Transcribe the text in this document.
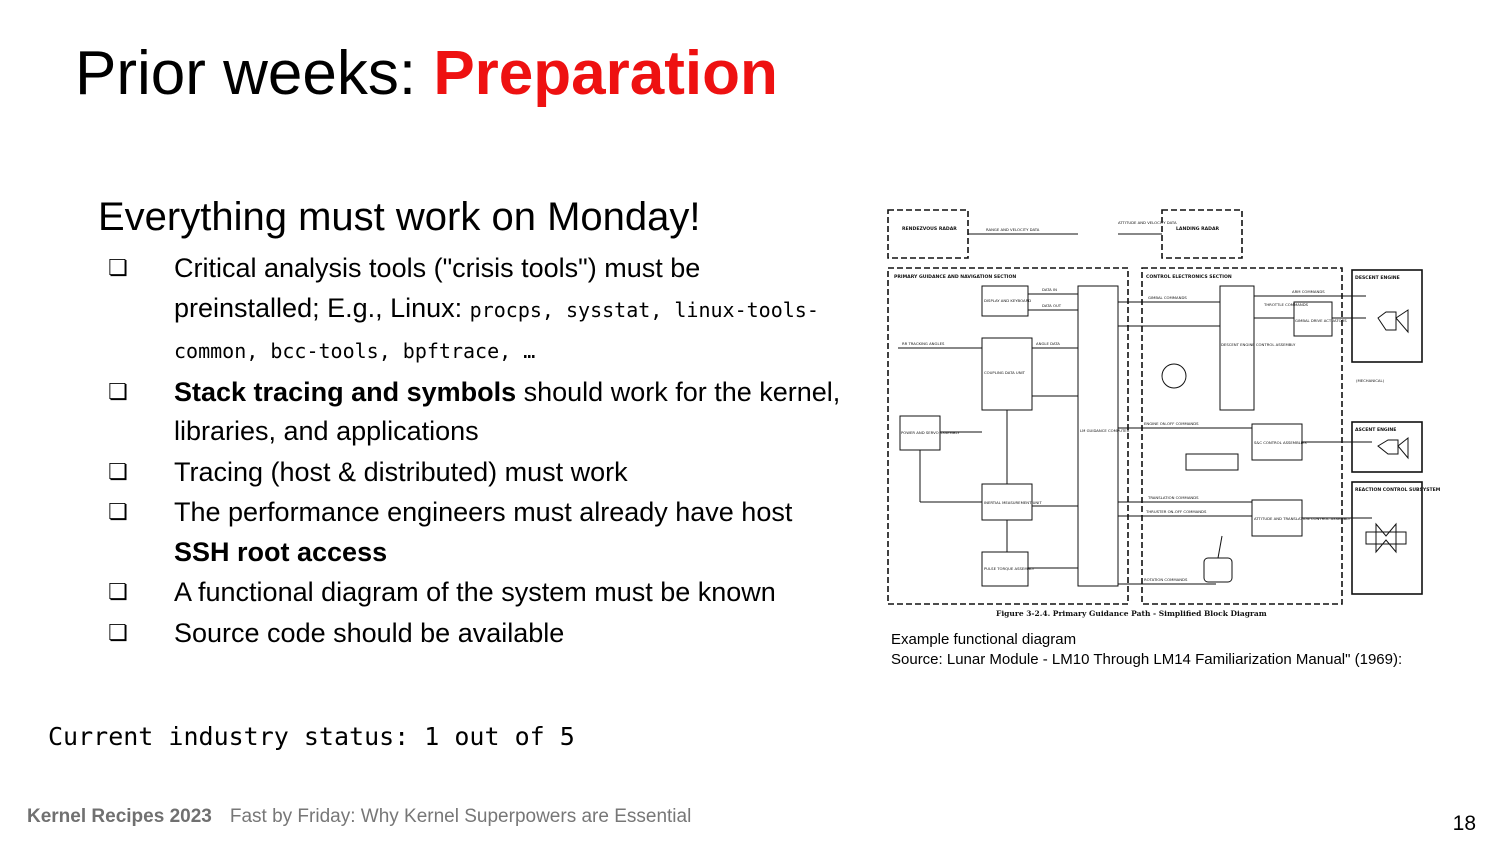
Prior weeks: Preparation
Everything must work on Monday!
❏ Critical analysis tools ("crisis tools") must be preinstalled; E.g., Linux: procps, sysstat, linux-tools-common, bcc-tools, bpftrace, …
❏ Stack tracing and symbols should work for the kernel, libraries, and applications
❏ Tracing (host & distributed) must work
❏ The performance engineers must already have host SSH root access
❏ A functional diagram of the system must be known
❏ Source code should be available
Current industry status: 1 out of 5
RENDEZVOUS RADAR	LANDING RADAR
PRIMARY GUIDANCE AND NAVIGATION SECTION	CONTROL ELECTRONICS SECTION	DESCENT ENGINE
ASCENT ENGINE
REACTION CONTROL SUBSYSTEM
DISPLAY AND KEYBOARD
COUPLING DATA UNIT
POWER AND SERVO ASSEMBLY
INERTIAL MEASUREMENT UNIT
PULSE TORQUE ASSEMBLY
LM GUIDANCE COMPUTER
DESCENT ENGINE CONTROL ASSEMBLY
GIMBAL DRIVE ACTUATORS
S&C CONTROL ASSEMBLIES
ATTITUDE AND TRANSLATION CONTROL ASSEMBLY
RANGE AND VELOCITY DATA
ATTITUDE AND VELOCITY DATA
DATA IN
DATA OUT
RR TRACKING ANGLES	ANGLE DATA
GIMBAL COMMANDS
ARM COMMANDS
THROTTLE COMMANDS
ENGINE ON-OFF COMMANDS
TRANSLATION COMMANDS
THRUSTER ON-OFF COMMANDS
ROTATION COMMANDS
(MECHANICAL)
Figure 3-2.4. Primary Guidance Path - Simplified Block Diagram
Example functional diagram
Source: Lunar Module - LM10 Through LM14 Familiarization Manual" (1969):
Kernel Recipes 2023 Fast by Friday: Why Kernel Superpowers are Essential	18
